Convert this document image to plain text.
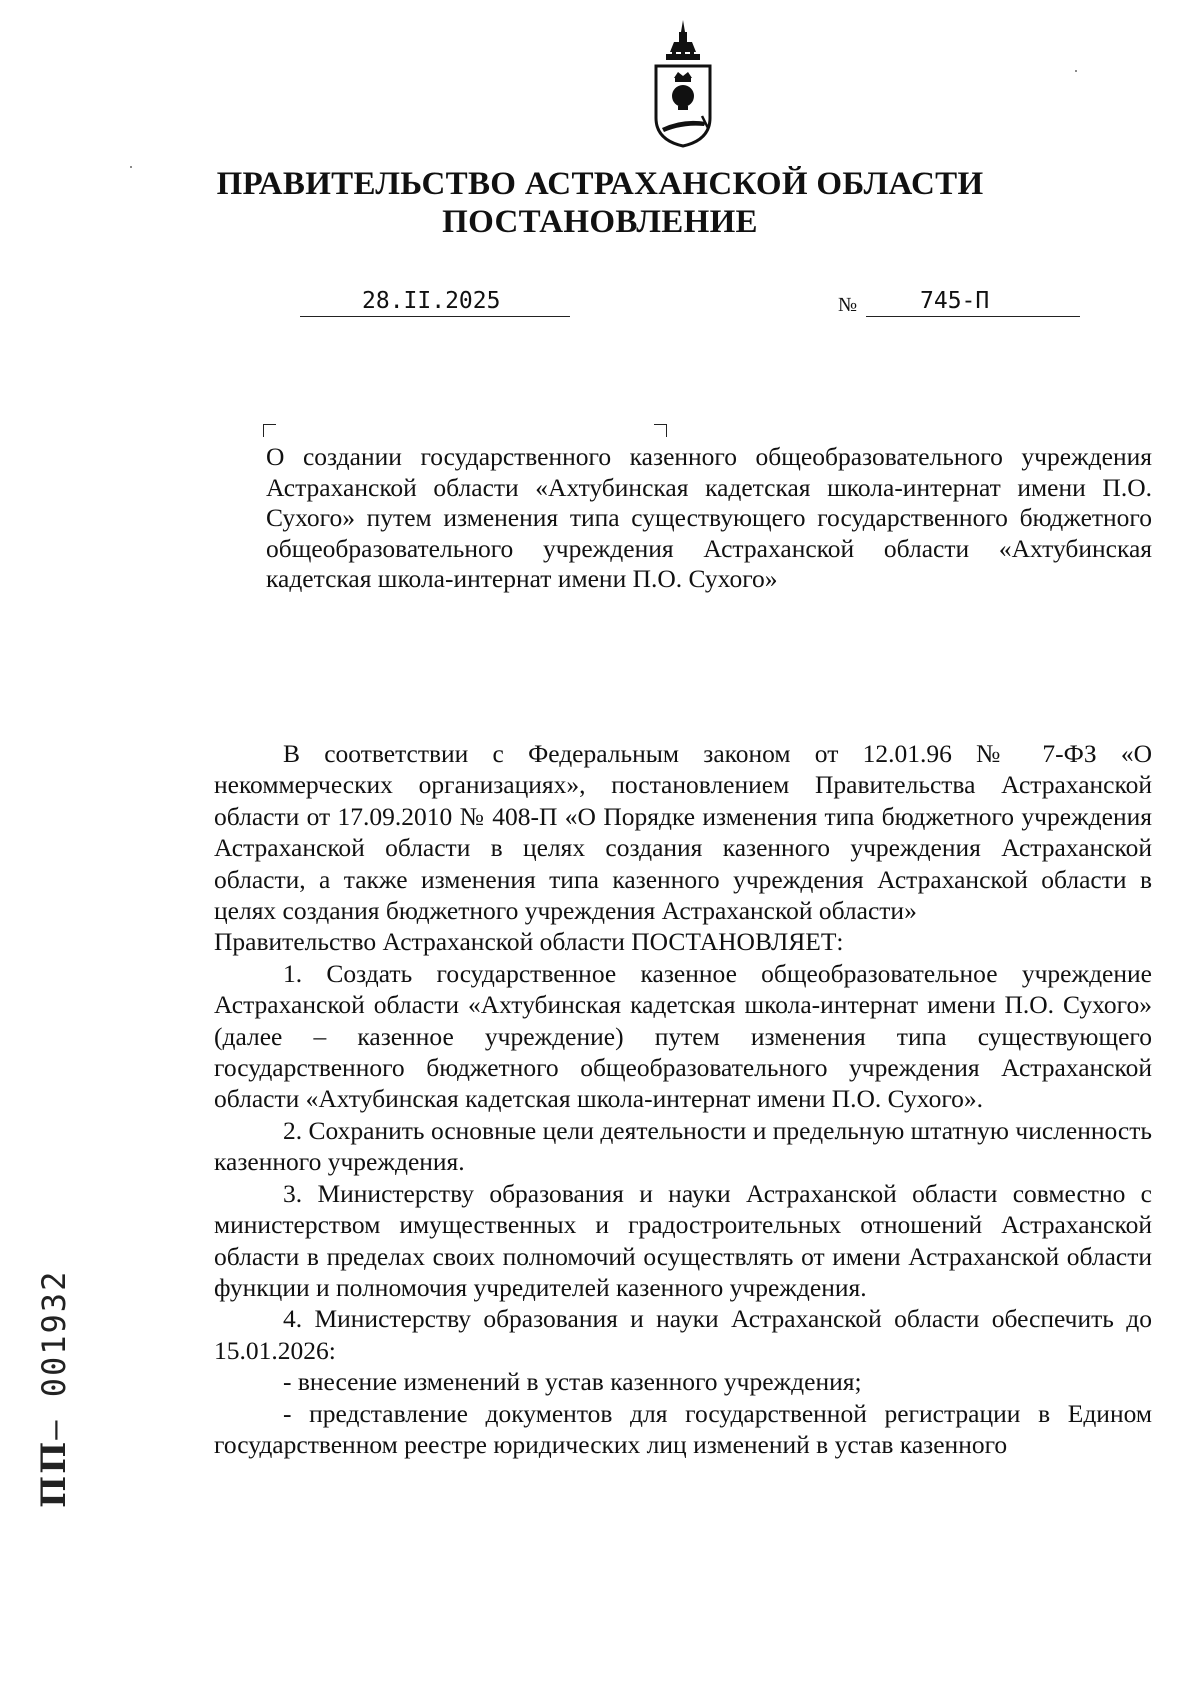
ПРАВИТЕЛЬСТВО АСТРАХАНСКОЙ ОБЛАСТИ
ПОСТАНОВЛЕНИЕ
28.II.2025	№	745-П
О создании государственного казенного общеобразовательного учреждения Астраханской области «Ахтубинская кадетская школа-интернат имени П.О. Сухого» путем изменения типа существующего государственного бюджетного общеобразовательного учреждения Астраханской области «Ахтубинская кадетская школа-интернат имени П.О. Сухого»

В соответствии с Федеральным законом от 12.01.96 № 7-ФЗ «О некоммерческих организациях», постановлением Правительства Астраханской области от 17.09.2010 № 408-П «О Порядке изменения типа бюджетного учреждения Астраханской области в целях создания казенного учреждения Астраханской области, а также изменения типа казенного учреждения Астраханской области в целях создания бюджетного учреждения Астраханской области»

Правительство Астраханской области ПОСТАНОВЛЯЕТ:

1. Создать государственное казенное общеобразовательное учреждение Астраханской области «Ахтубинская кадетская школа-интернат имени П.О. Сухого» (далее – казенное учреждение) путем изменения типа существующего государственного бюджетного общеобразовательного учреждения Астраханской области «Ахтубинская кадетская школа-интернат имени П.О. Сухого».

2. Сохранить основные цели деятельности и предельную штатную численность казенного учреждения.

3. Министерству образования и науки Астраханской области совместно с министерством имущественных и градостроительных отношений Астраханской области в пределах своих полномочий осуществлять от имени Астраханской области функции и полномочия учредителей казенного учреждения.

4. Министерству образования и науки Астраханской области обеспечить до 15.01.2026:

- внесение изменений в устав казенного учреждения;

- представление документов для государственной регистрации в Едином государственном реестре юридических лиц изменений в устав казенного

ПП– 001932
